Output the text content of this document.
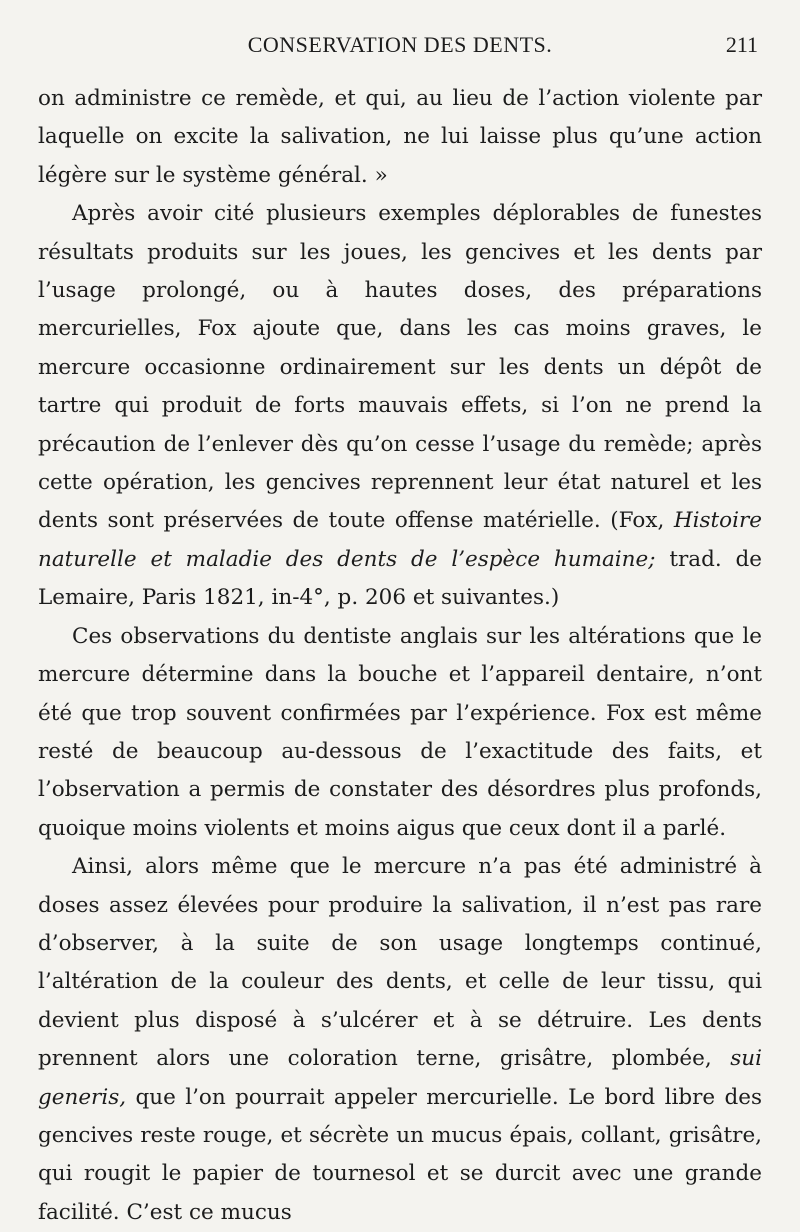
CONSERVATION DES DENTS.	211

on administre ce remède, et qui, au lieu de l’action violente par laquelle on excite la salivation, ne lui laisse plus qu’une action légère sur le système général. »

Après avoir cité plusieurs exemples déplorables de funestes résultats produits sur les joues, les gencives et les dents par l’usage prolongé, ou à hautes doses, des préparations mercurielles, Fox ajoute que, dans les cas moins graves, le mercure occasionne ordinairement sur les dents un dépôt de tartre qui produit de forts mauvais effets, si l’on ne prend la précaution de l’enlever dès qu’on cesse l’usage du remède; après cette opération, les gencives reprennent leur état naturel et les dents sont préservées de toute offense matérielle. (Fox, Histoire naturelle et maladie des dents de l’espèce humaine; trad. de Lemaire, Paris 1821, in-4°, p. 206 et suivantes.)

Ces observations du dentiste anglais sur les altérations que le mercure détermine dans la bouche et l’appareil dentaire, n’ont été que trop souvent confirmées par l’expérience. Fox est même resté de beaucoup au-dessous de l’exactitude des faits, et l’observation a permis de constater des désordres plus profonds, quoique moins violents et moins aigus que ceux dont il a parlé.

Ainsi, alors même que le mercure n’a pas été administré à doses assez élevées pour produire la salivation, il n’est pas rare d’observer, à la suite de son usage longtemps continué, l’altération de la couleur des dents, et celle de leur tissu, qui devient plus disposé à s’ulcérer et à se détruire. Les dents prennent alors une coloration terne, grisâtre, plombée, sui generis, que l’on pourrait appeler mercurielle. Le bord libre des gencives reste rouge, et sécrète un mucus épais, collant, grisâtre, qui rougit le papier de tournesol et se durcit avec une grande facilité. C’est ce mucus
